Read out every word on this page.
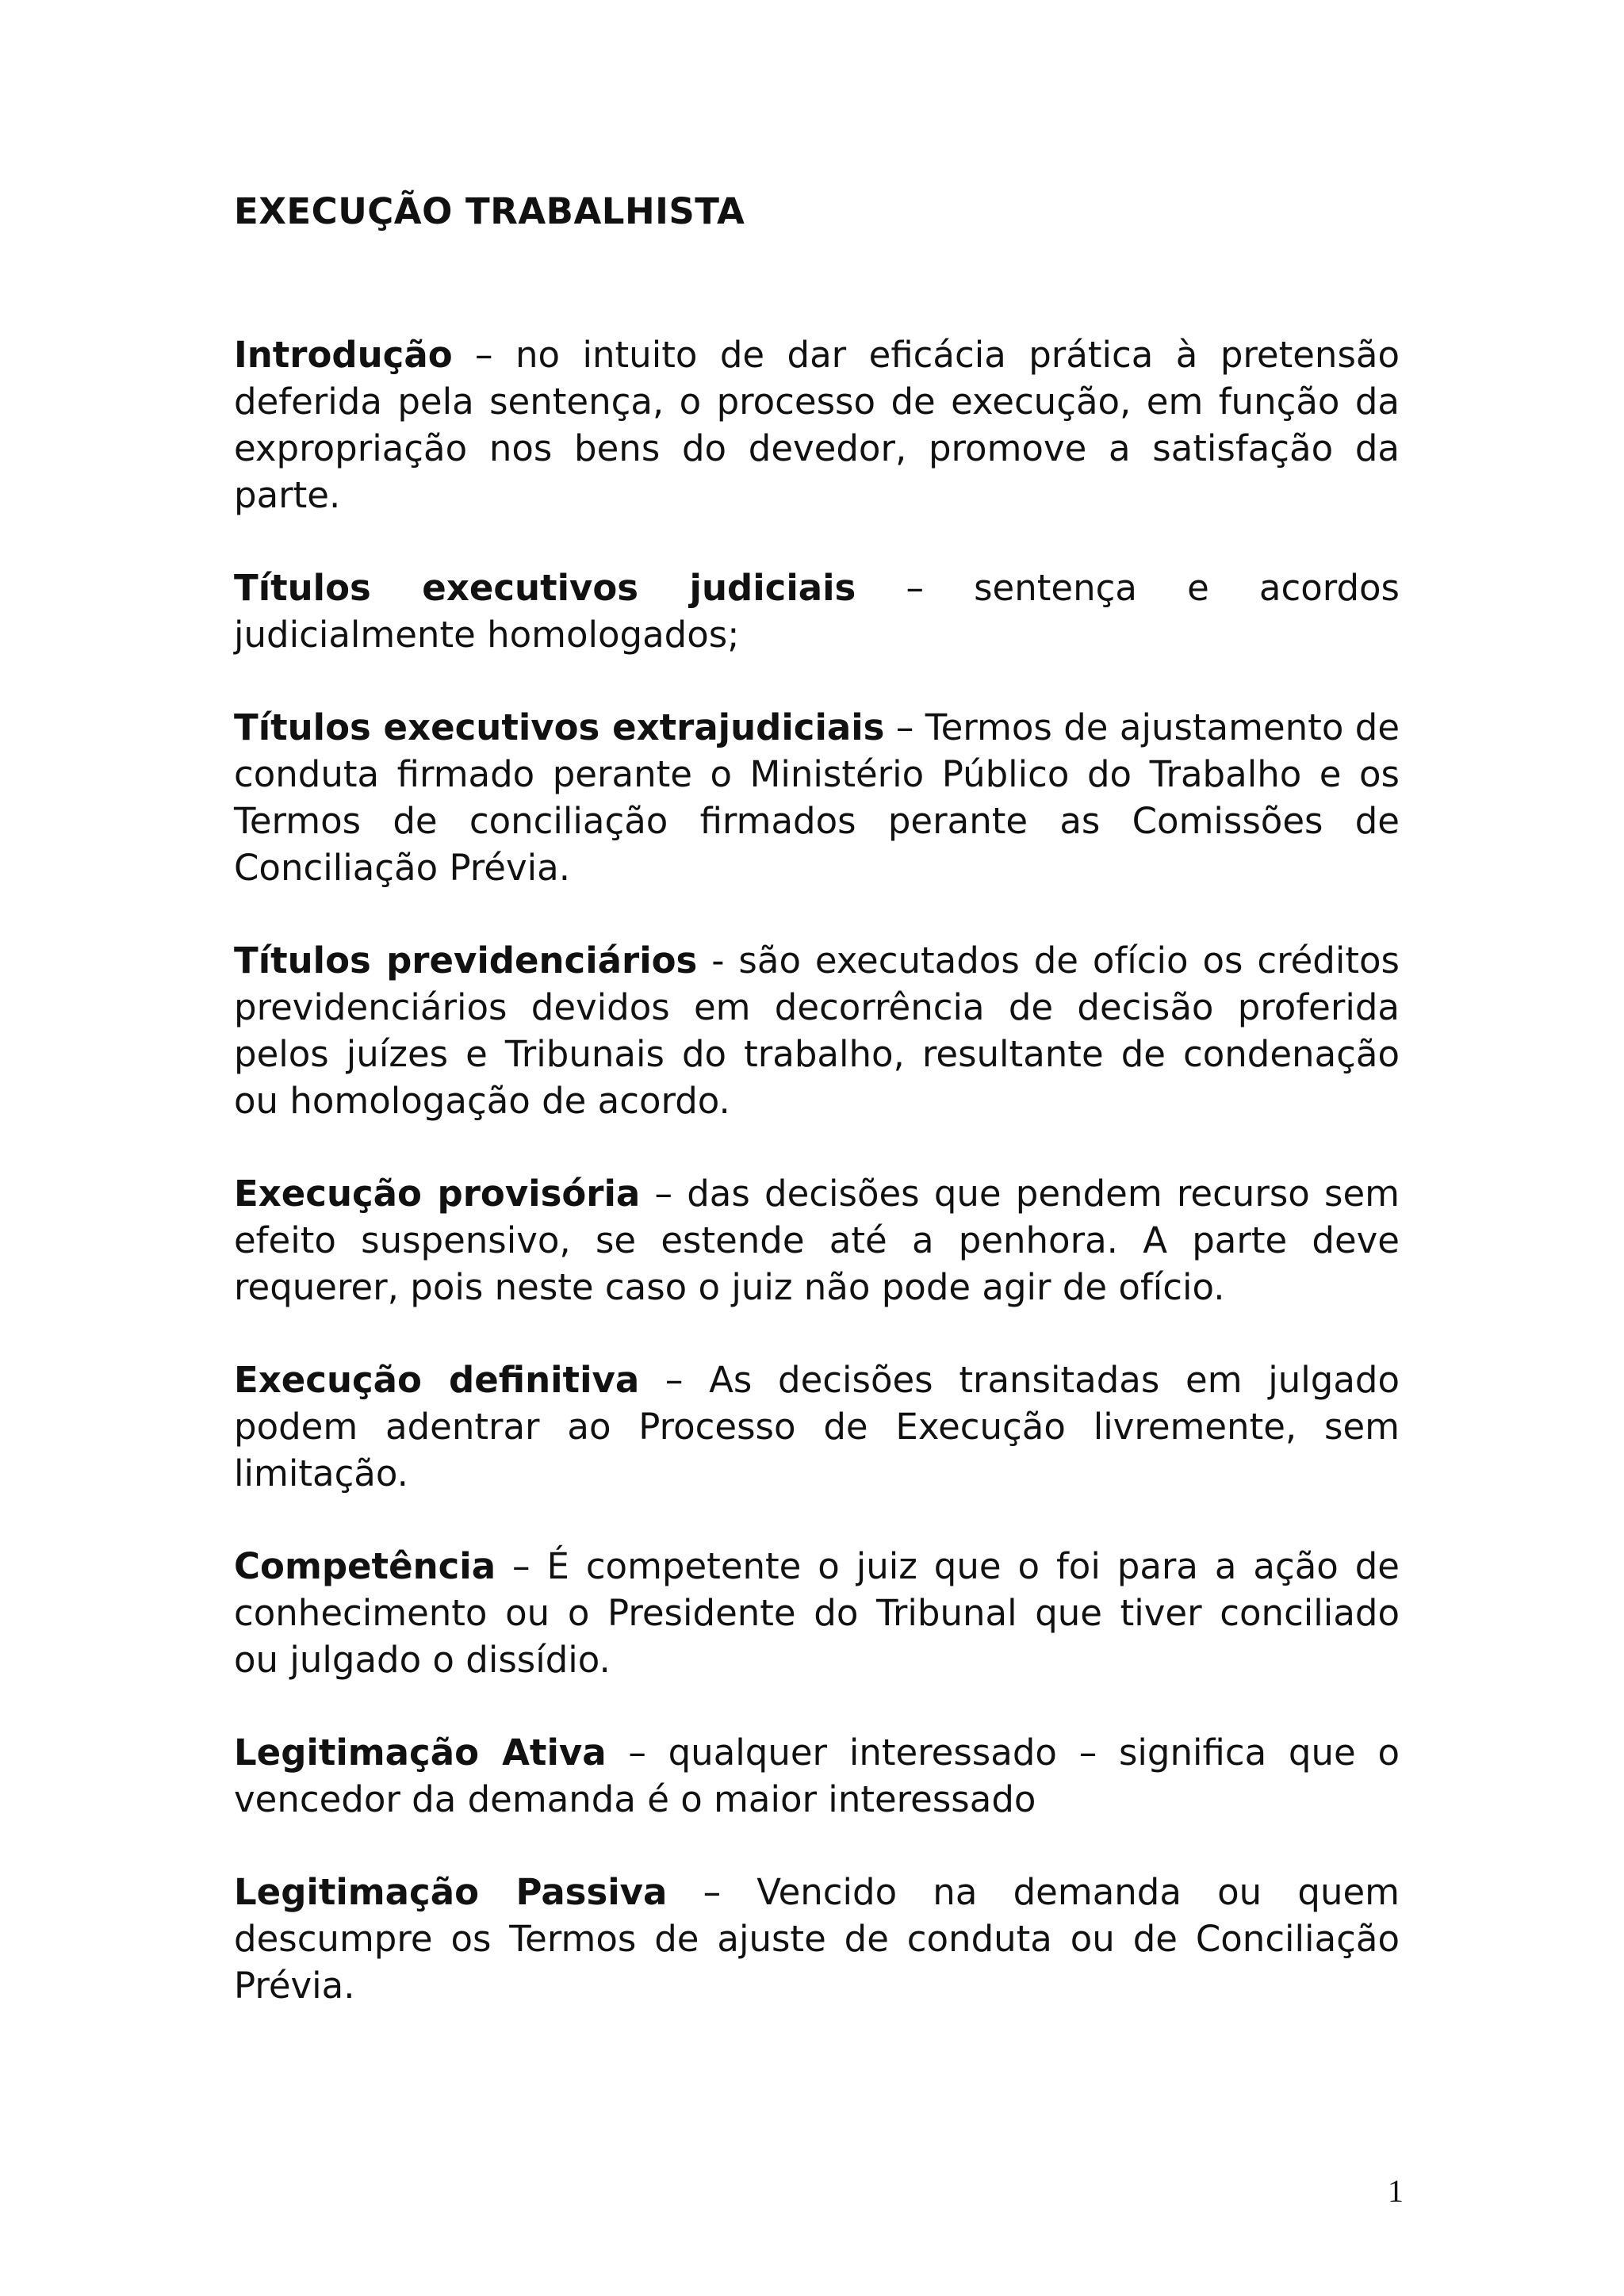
EXECUÇÃO TRABALHISTA

Introdução – no intuito de dar eficácia prática à pretensão deferida pela sentença, o processo de execução, em função da expropriação nos bens do devedor, promove a satisfação da parte.

Títulos executivos judiciais – sentença e acordos judicialmente homologados;

Títulos executivos extrajudiciais – Termos de ajustamento de conduta firmado perante o Ministério Público do Trabalho e os Termos de conciliação firmados perante as Comissões de Conciliação Prévia.

Títulos previdenciários - são executados de ofício os créditos previdenciários devidos em decorrência de decisão proferida pelos juízes e Tribunais do trabalho, resultante de condenação ou homologação de acordo.

Execução provisória – das decisões que pendem recurso sem efeito suspensivo, se estende até a penhora. A parte deve requerer, pois neste caso o juiz não pode agir de ofício.

Execução definitiva – As decisões transitadas em julgado podem adentrar ao Processo de Execução livremente, sem limitação.

Competência – É competente o juiz que o foi para a ação de conhecimento ou o Presidente do Tribunal que tiver conciliado ou julgado o dissídio.

Legitimação Ativa – qualquer interessado – significa que o vencedor da demanda é o maior interessado

Legitimação Passiva – Vencido na demanda ou quem descumpre os Termos de ajuste de conduta ou de Conciliação Prévia.

1
